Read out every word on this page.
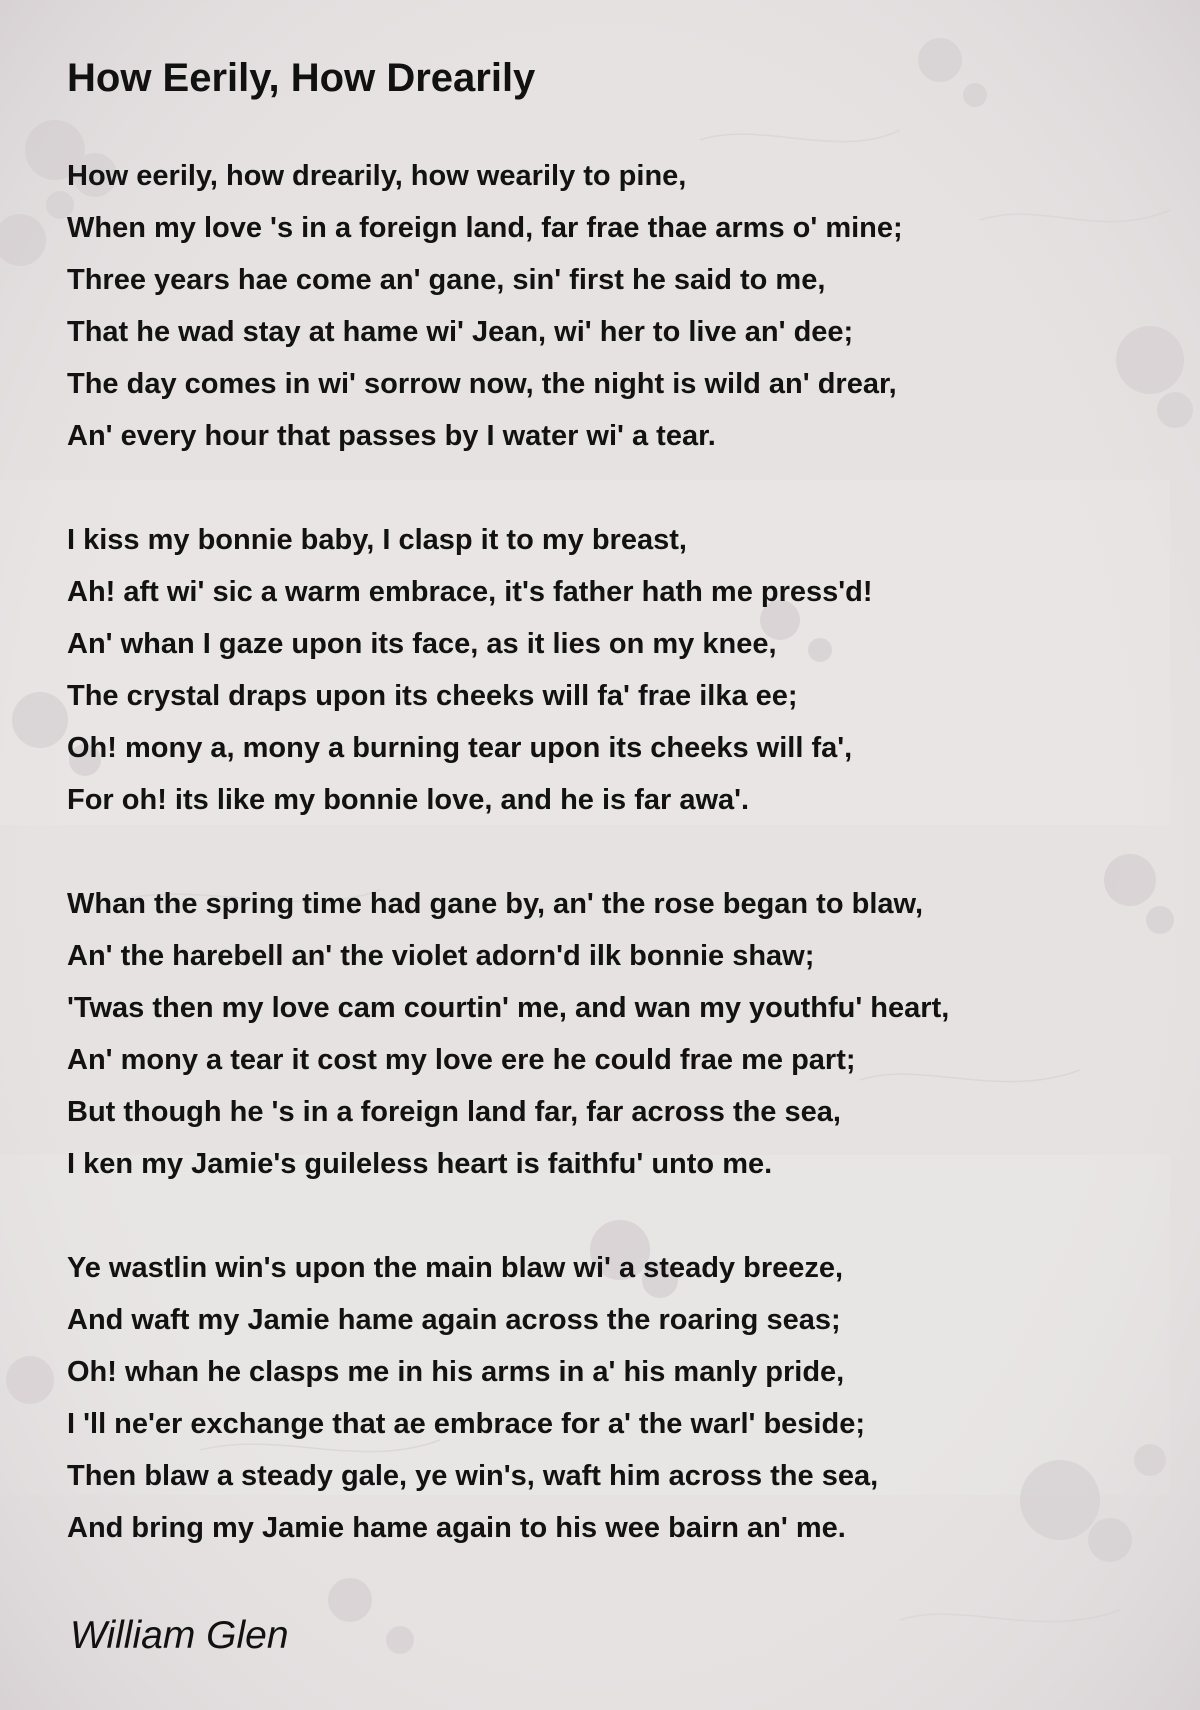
How Eerily, How Drearily
How eerily, how drearily, how wearily to pine,
When my love 's in a foreign land, far frae thae arms o' mine;
Three years hae come an' gane, sin' first he said to me,
That he wad stay at hame wi' Jean, wi' her to live an' dee;
The day comes in wi' sorrow now, the night is wild an' drear,
An' every hour that passes by I water wi' a tear.
I kiss my bonnie baby, I clasp it to my breast,
Ah! aft wi' sic a warm embrace, it's father hath me press'd!
An' whan I gaze upon its face, as it lies on my knee,
The crystal draps upon its cheeks will fa' frae ilka ee;
Oh! mony a, mony a burning tear upon its cheeks will fa',
For oh! its like my bonnie love, and he is far awa'.
Whan the spring time had gane by, an' the rose began to blaw,
An' the harebell an' the violet adorn'd ilk bonnie shaw;
'Twas then my love cam courtin' me, and wan my youthfu' heart,
An' mony a tear it cost my love ere he could frae me part;
But though he 's in a foreign land far, far across the sea,
I ken my Jamie's guileless heart is faithfu' unto me.
Ye wastlin win's upon the main blaw wi' a steady breeze,
And waft my Jamie hame again across the roaring seas;
Oh! whan he clasps me in his arms in a' his manly pride,
I 'll ne'er exchange that ae embrace for a' the warl' beside;
Then blaw a steady gale, ye win's, waft him across the sea,
And bring my Jamie hame again to his wee bairn an' me.
William Glen
